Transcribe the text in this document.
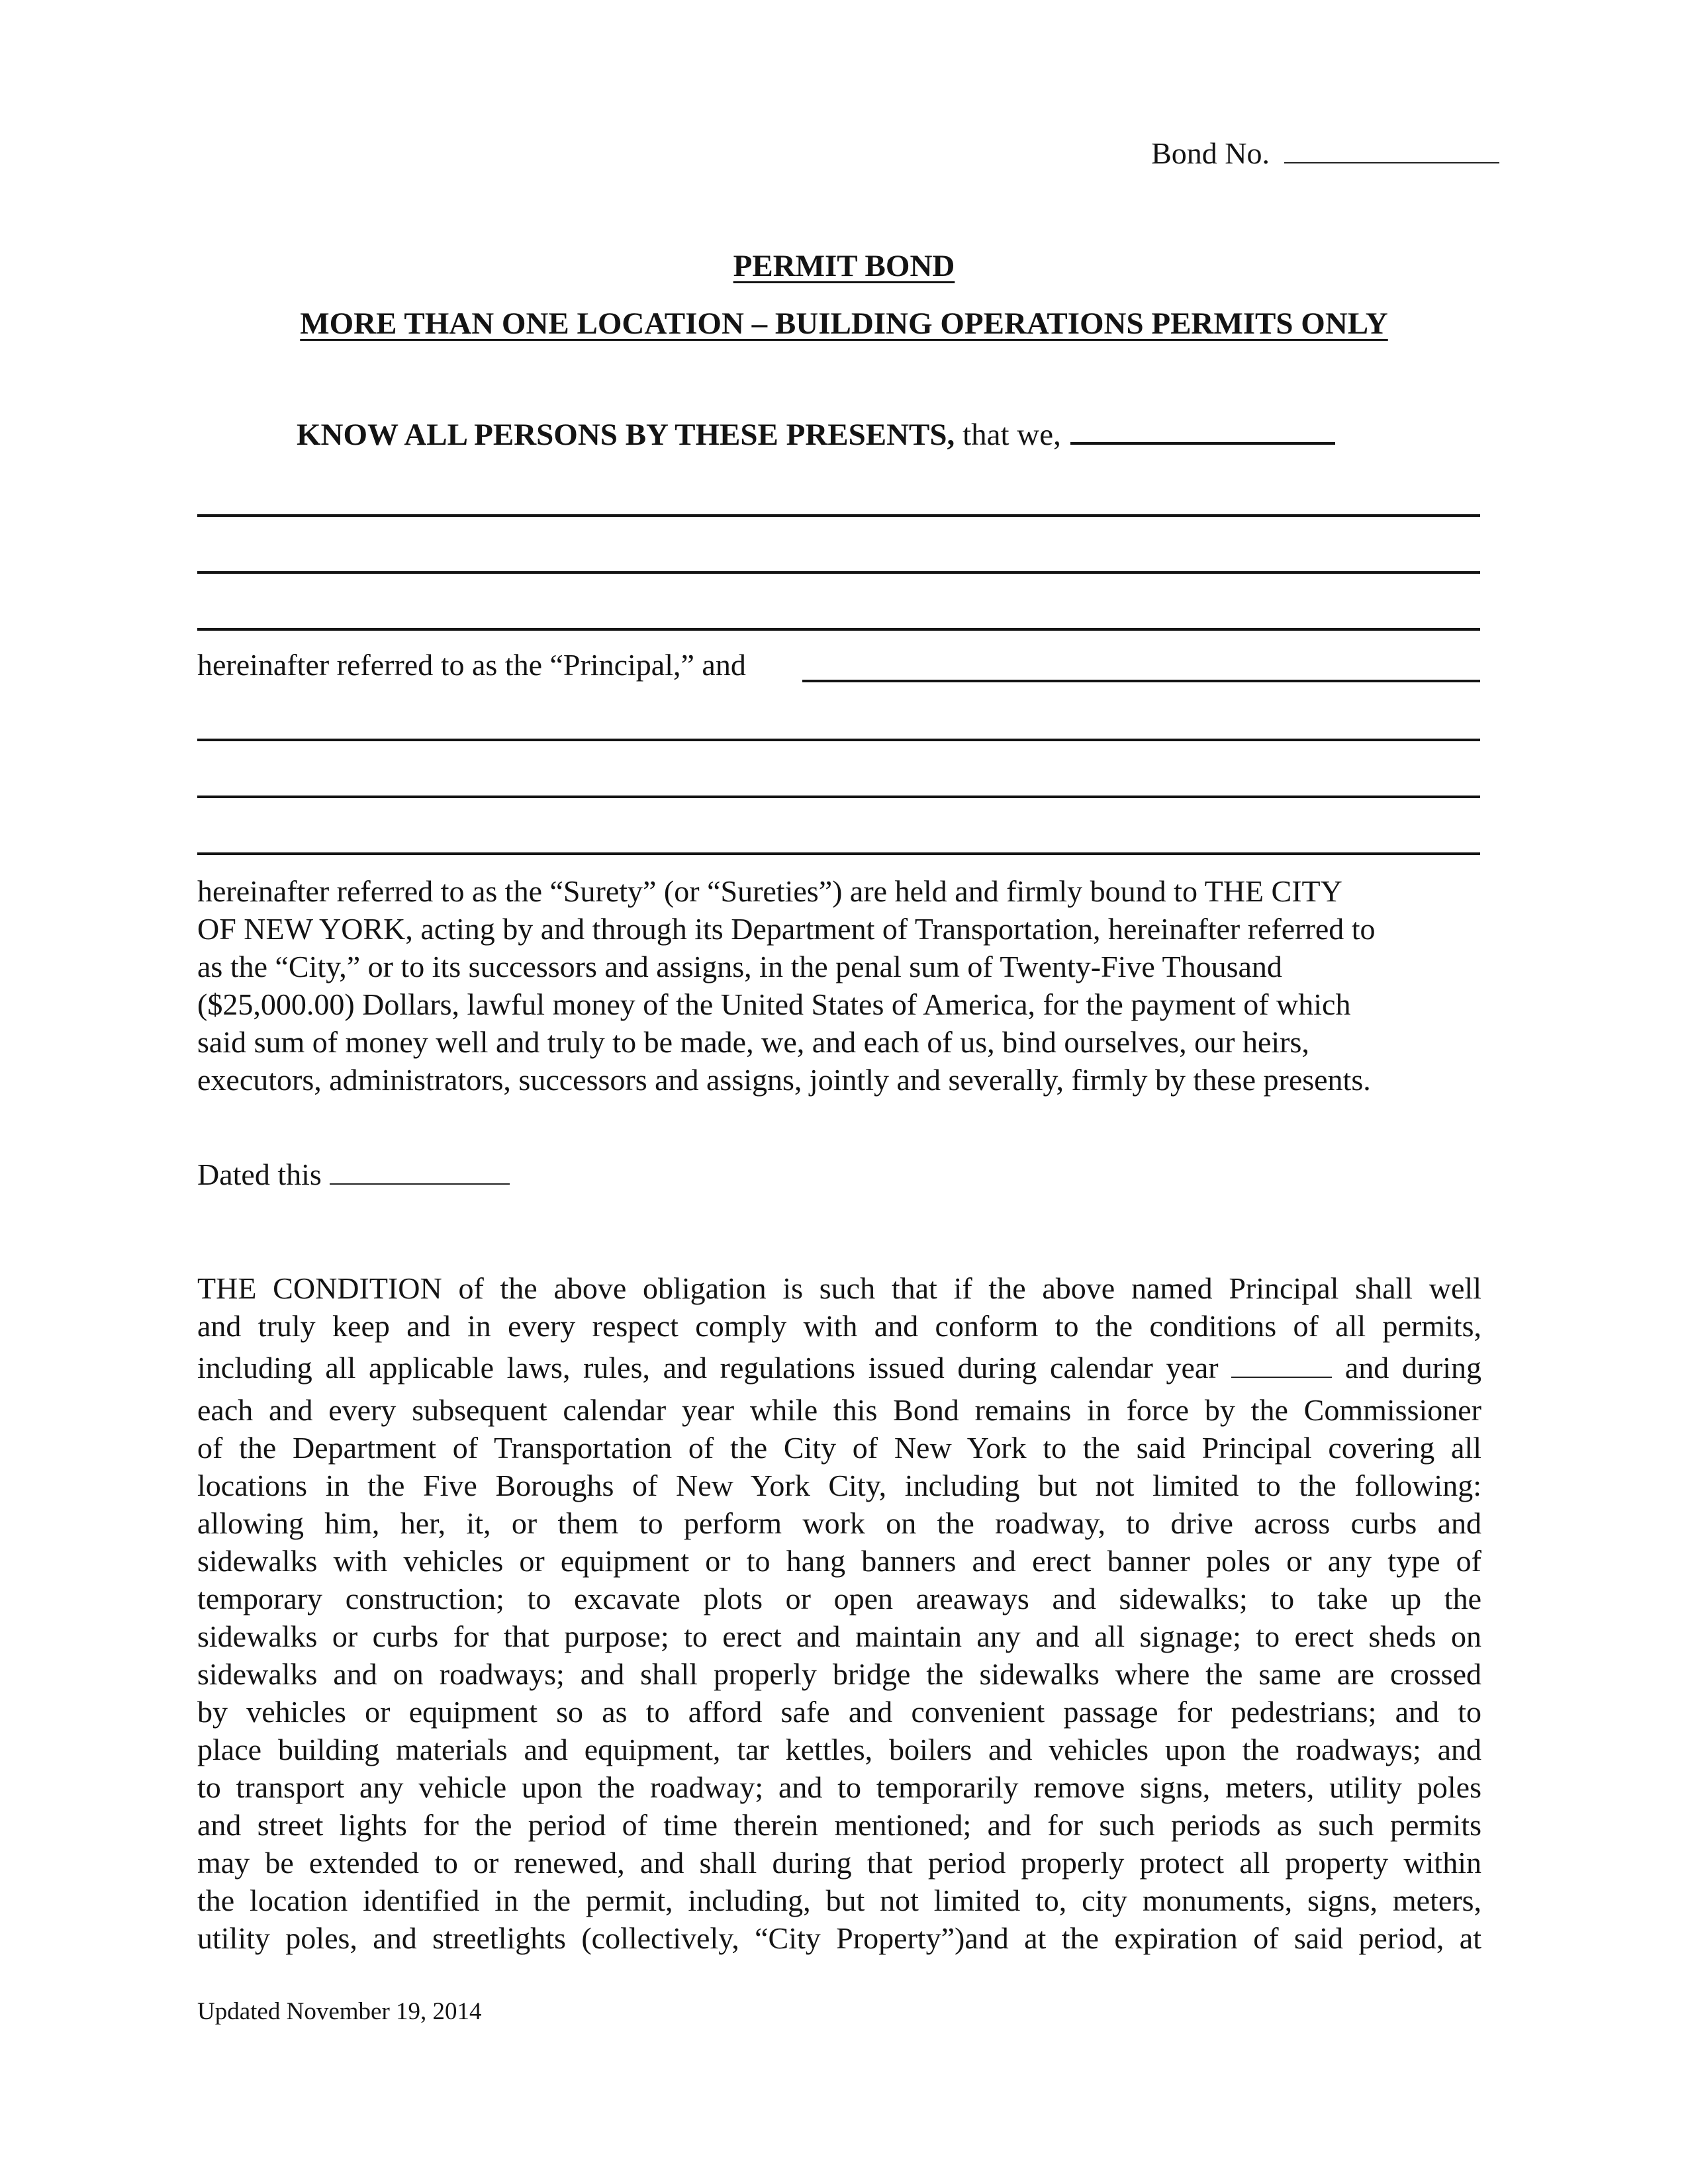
Bond No.
PERMIT BOND
MORE THAN ONE LOCATION – BUILDING OPERATIONS PERMITS ONLY
KNOW ALL PERSONS BY THESE PRESENTS, that we,
hereinafter referred to as the “Principal,” and

hereinafter referred to as the “Surety” (or “Sureties”) are held and firmly bound to THE CITY

OF NEW YORK, acting by and through its Department of Transportation, hereinafter referred to

as the “City,” or to its successors and assigns, in the penal sum of Twenty-Five Thousand

($25,000.00) Dollars, lawful money of the United States of America, for the payment of which

said sum of money well and truly to be made, we, and each of us, bind ourselves, our heirs,

executors, administrators, successors and assigns, jointly and severally, firmly by these presents.

Dated this
THE CONDITION of the above obligation is such that if the above named Principal shall well
and truly keep and in every respect comply with and conform to the conditions of all permits,
including all applicable laws, rules, and regulations issued during calendar year	and during
each and every subsequent calendar year while this Bond remains in force by the Commissioner
of the Department of Transportation of the City of New York to the said Principal covering all
locations in the Five Boroughs of New York City, including but not limited to the following:
allowing him, her, it, or them to perform work on the roadway, to drive across curbs and
sidewalks with vehicles or equipment or to hang banners and erect banner poles or any type of
temporary construction; to excavate plots or open areaways and sidewalks; to take up the
sidewalks or curbs for that purpose; to erect and maintain any and all signage; to erect sheds on
sidewalks and on roadways; and shall properly bridge the sidewalks where the same are crossed
by vehicles or equipment so as to afford safe and convenient passage for pedestrians; and to
place building materials and equipment, tar kettles, boilers and vehicles upon the roadways; and
to transport any vehicle upon the roadway; and to temporarily remove signs, meters, utility poles
and street lights for the period of time therein mentioned; and for such periods as such permits
may be extended to or renewed, and shall during that period properly protect all property within
the location identified in the permit, including, but not limited to, city monuments, signs, meters,
utility poles, and streetlights (collectively, “City Property”)and at the expiration of said period, at
Updated November 19, 2014
